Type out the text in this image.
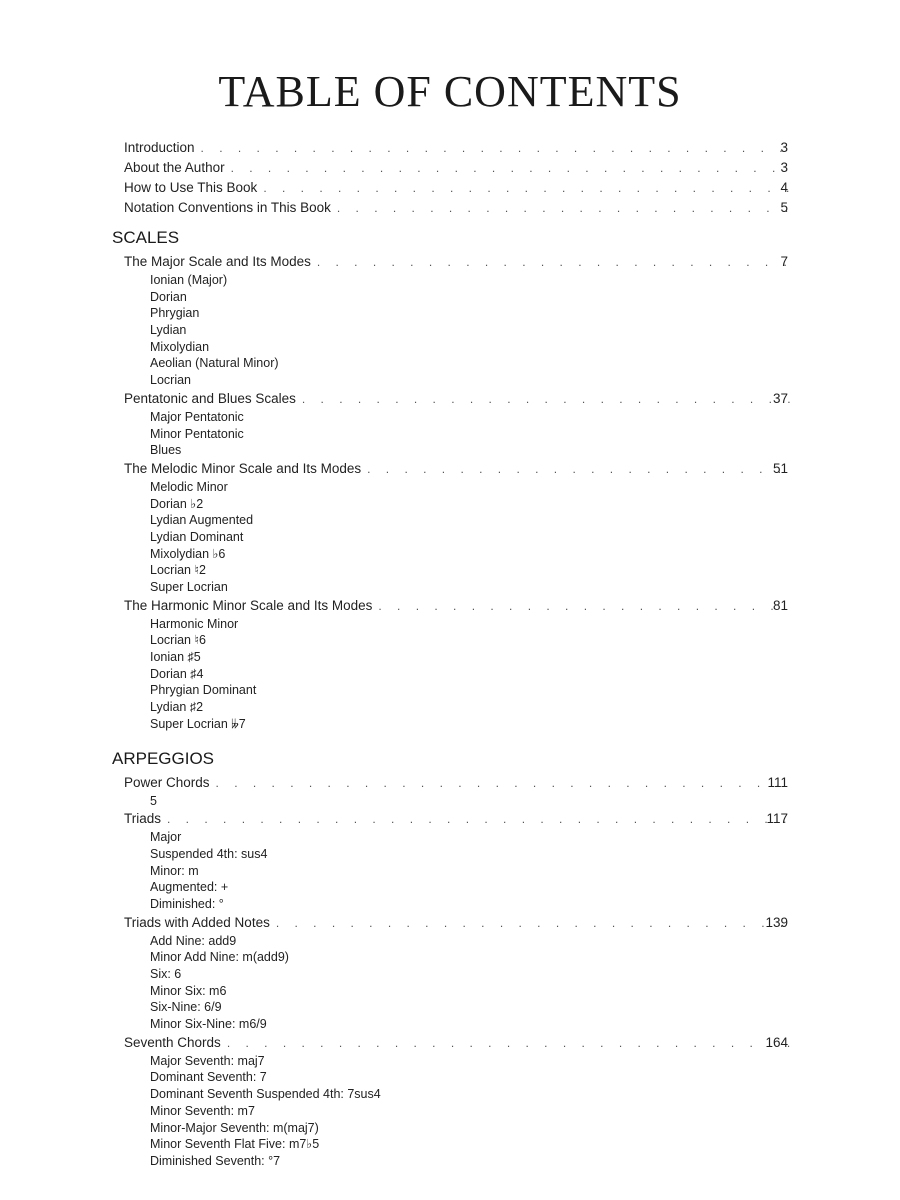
TABLE OF CONTENTS
Introduction . . .	3
About the Author . . .	3
How to Use This Book . . .	4
Notation Conventions in This Book . . .	5
SCALES
The Major Scale and Its Modes . . .	7
Ionian (Major)
Dorian
Phrygian
Lydian
Mixolydian
Aeolian (Natural Minor)
Locrian
Pentatonic and Blues Scales . . .	37
Major Pentatonic
Minor Pentatonic
Blues
The Melodic Minor Scale and Its Modes . . .	51
Melodic Minor
Dorian ♭2
Lydian Augmented
Lydian Dominant
Mixolydian ♭6
Locrian ♮2
Super Locrian
The Harmonic Minor Scale and Its Modes . . .	81
Harmonic Minor
Locrian ♮6
Ionian ♯5
Dorian ♯4
Phrygian Dominant
Lydian ♯2
Super Locrian 𝄫7
ARPEGGIOS
Power Chords . . .	111
5
Triads . . .	117
Major
Suspended 4th: sus4
Minor: m
Augmented: +
Diminished: °
Triads with Added Notes . . .	139
Add Nine: add9
Minor Add Nine: m(add9)
Six: 6
Minor Six: m6
Six-Nine: 6/9
Minor Six-Nine: m6/9
Seventh Chords . . .	164
Major Seventh: maj7
Dominant Seventh: 7
Dominant Seventh Suspended 4th: 7sus4
Minor Seventh: m7
Minor-Major Seventh: m(maj7)
Minor Seventh Flat Five: m7♭5
Diminished Seventh: °7
